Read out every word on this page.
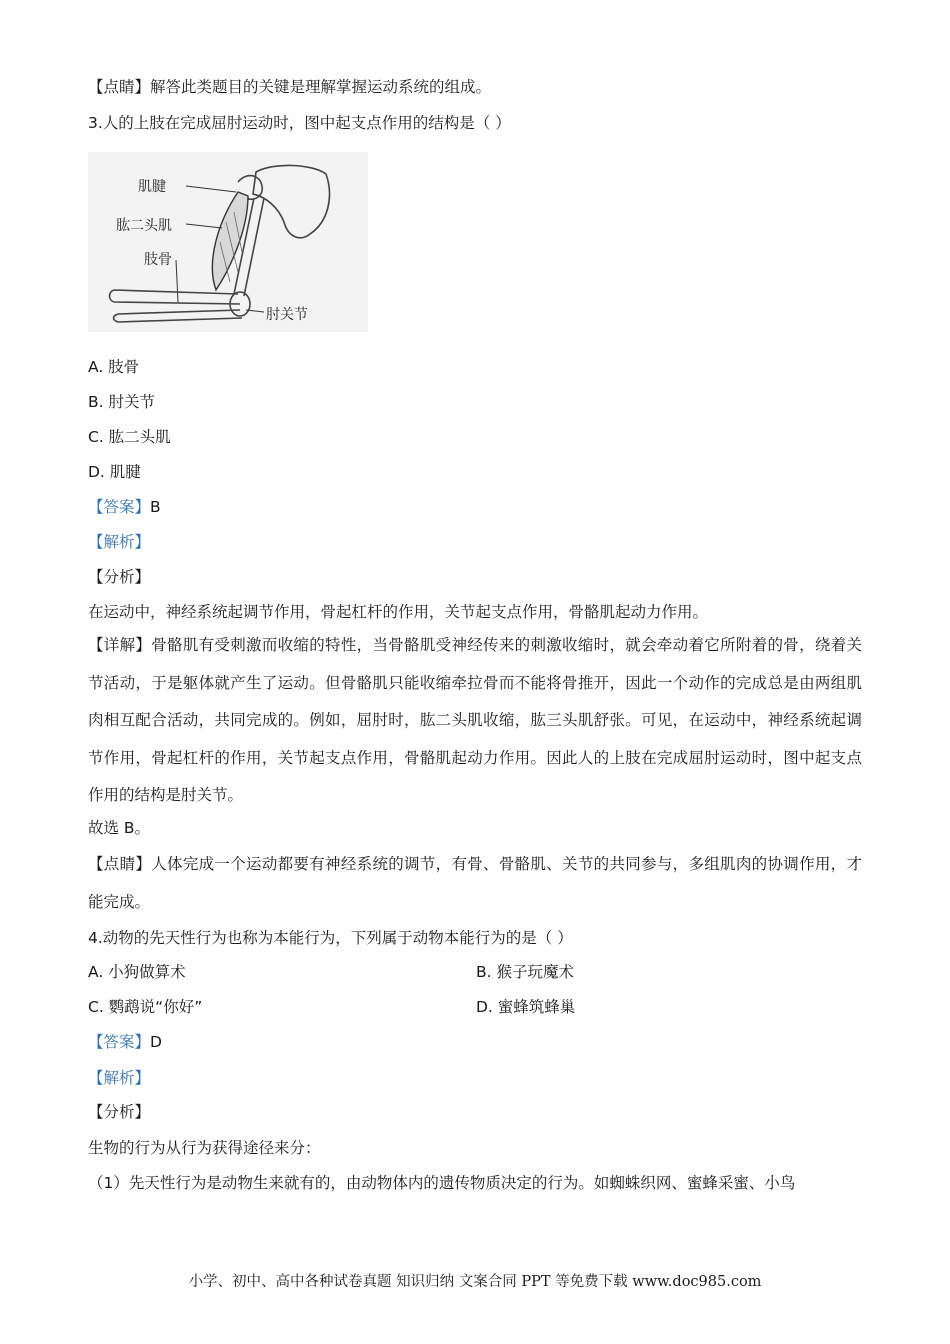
【点睛】解答此类题目的关键是理解掌握运动系统的组成。
3.人的上肢在完成屈肘运动时，图中起支点作用的结构是（ ）
肌腱
肱二头肌
肢骨
肘关节
A. 肢骨
B. 肘关节
C. 肱二头肌
D. 肌腱
【答案】B
【解析】
【分析】
在运动中，神经系统起调节作用，骨起杠杆的作用，关节起支点作用，骨骼肌起动力作用。
【详解】骨骼肌有受刺激而收缩的特性，当骨骼肌受神经传来的刺激收缩时，就会牵动着它所附着的骨，绕着关节活动，于是躯体就产生了运动。但骨骼肌只能收缩牵拉骨而不能将骨推开，因此一个动作的完成总是由两组肌肉相互配合活动，共同完成的。例如，屈肘时，肱二头肌收缩，肱三头肌舒张。可见，在运动中，神经系统起调节作用，骨起杠杆的作用，关节起支点作用，骨骼肌起动力作用。因此人的上肢在完成屈肘运动时，图中起支点作用的结构是肘关节。
故选 B。
【点睛】人体完成一个运动都要有神经系统的调节，有骨、骨骼肌、关节的共同参与，多组肌肉的协调作用，才能完成。
4.动物的先天性行为也称为本能行为，下列属于动物本能行为的是（ ）
A. 小狗做算术	B. 猴子玩魔术
C. 鹦鹉说“你好”	D. 蜜蜂筑蜂巢
【答案】D
【解析】
【分析】
生物的行为从行为获得途径来分：
（1）先天性行为是动物生来就有的，由动物体内的遗传物质决定的行为。如蜘蛛织网、蜜蜂采蜜、小鸟
小学、初中、高中各种试卷真题 知识归纳 文案合同 PPT 等免费下载 www.doc985.com
